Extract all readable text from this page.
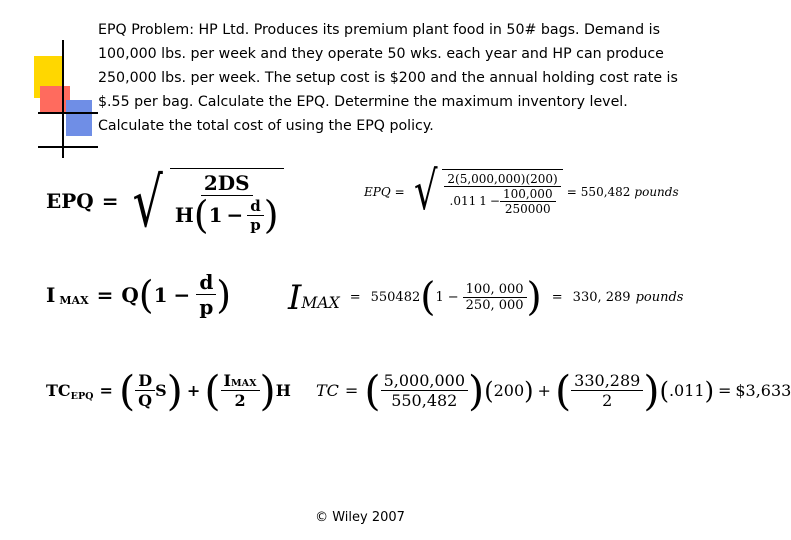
EPQ Problem: HP Ltd. Produces its premium plant food in 50# bags. Demand is 100,000 lbs. per week and they operate 50 wks. each year and HP can produce 250,000 lbs. per week. The setup cost is $200 and the annual holding cost rate is $.55 per bag. Calculate the EPQ. Determine the maximum inventory level. Calculate the total cost of using the EPQ policy.
EPQ = √ 2DS
H ( $1 - \frac{d}{p}$ )
EPQ = √ 2(5,000,000)(200)
.011 $1 - \frac{100,000}{250000} = 550,482$ pounds
I MAX = Q ( $1 - \frac{d}{p}$ ) I MAX = 550482 ( $1 - \frac{100, 000}{250, 000}$ ) = 330, 289 pounds
TC EPQ = ( $\frac{D}{Q}$ S ) + ( $\frac{\text{IMAX}}{2}$ ) H TC = ( $\frac{5,000,000}{550,482}$ ) ( 200 ) + ( $\frac{330,289}{2}$ ) ( .011 ) = $3,633
© Wiley 2007
